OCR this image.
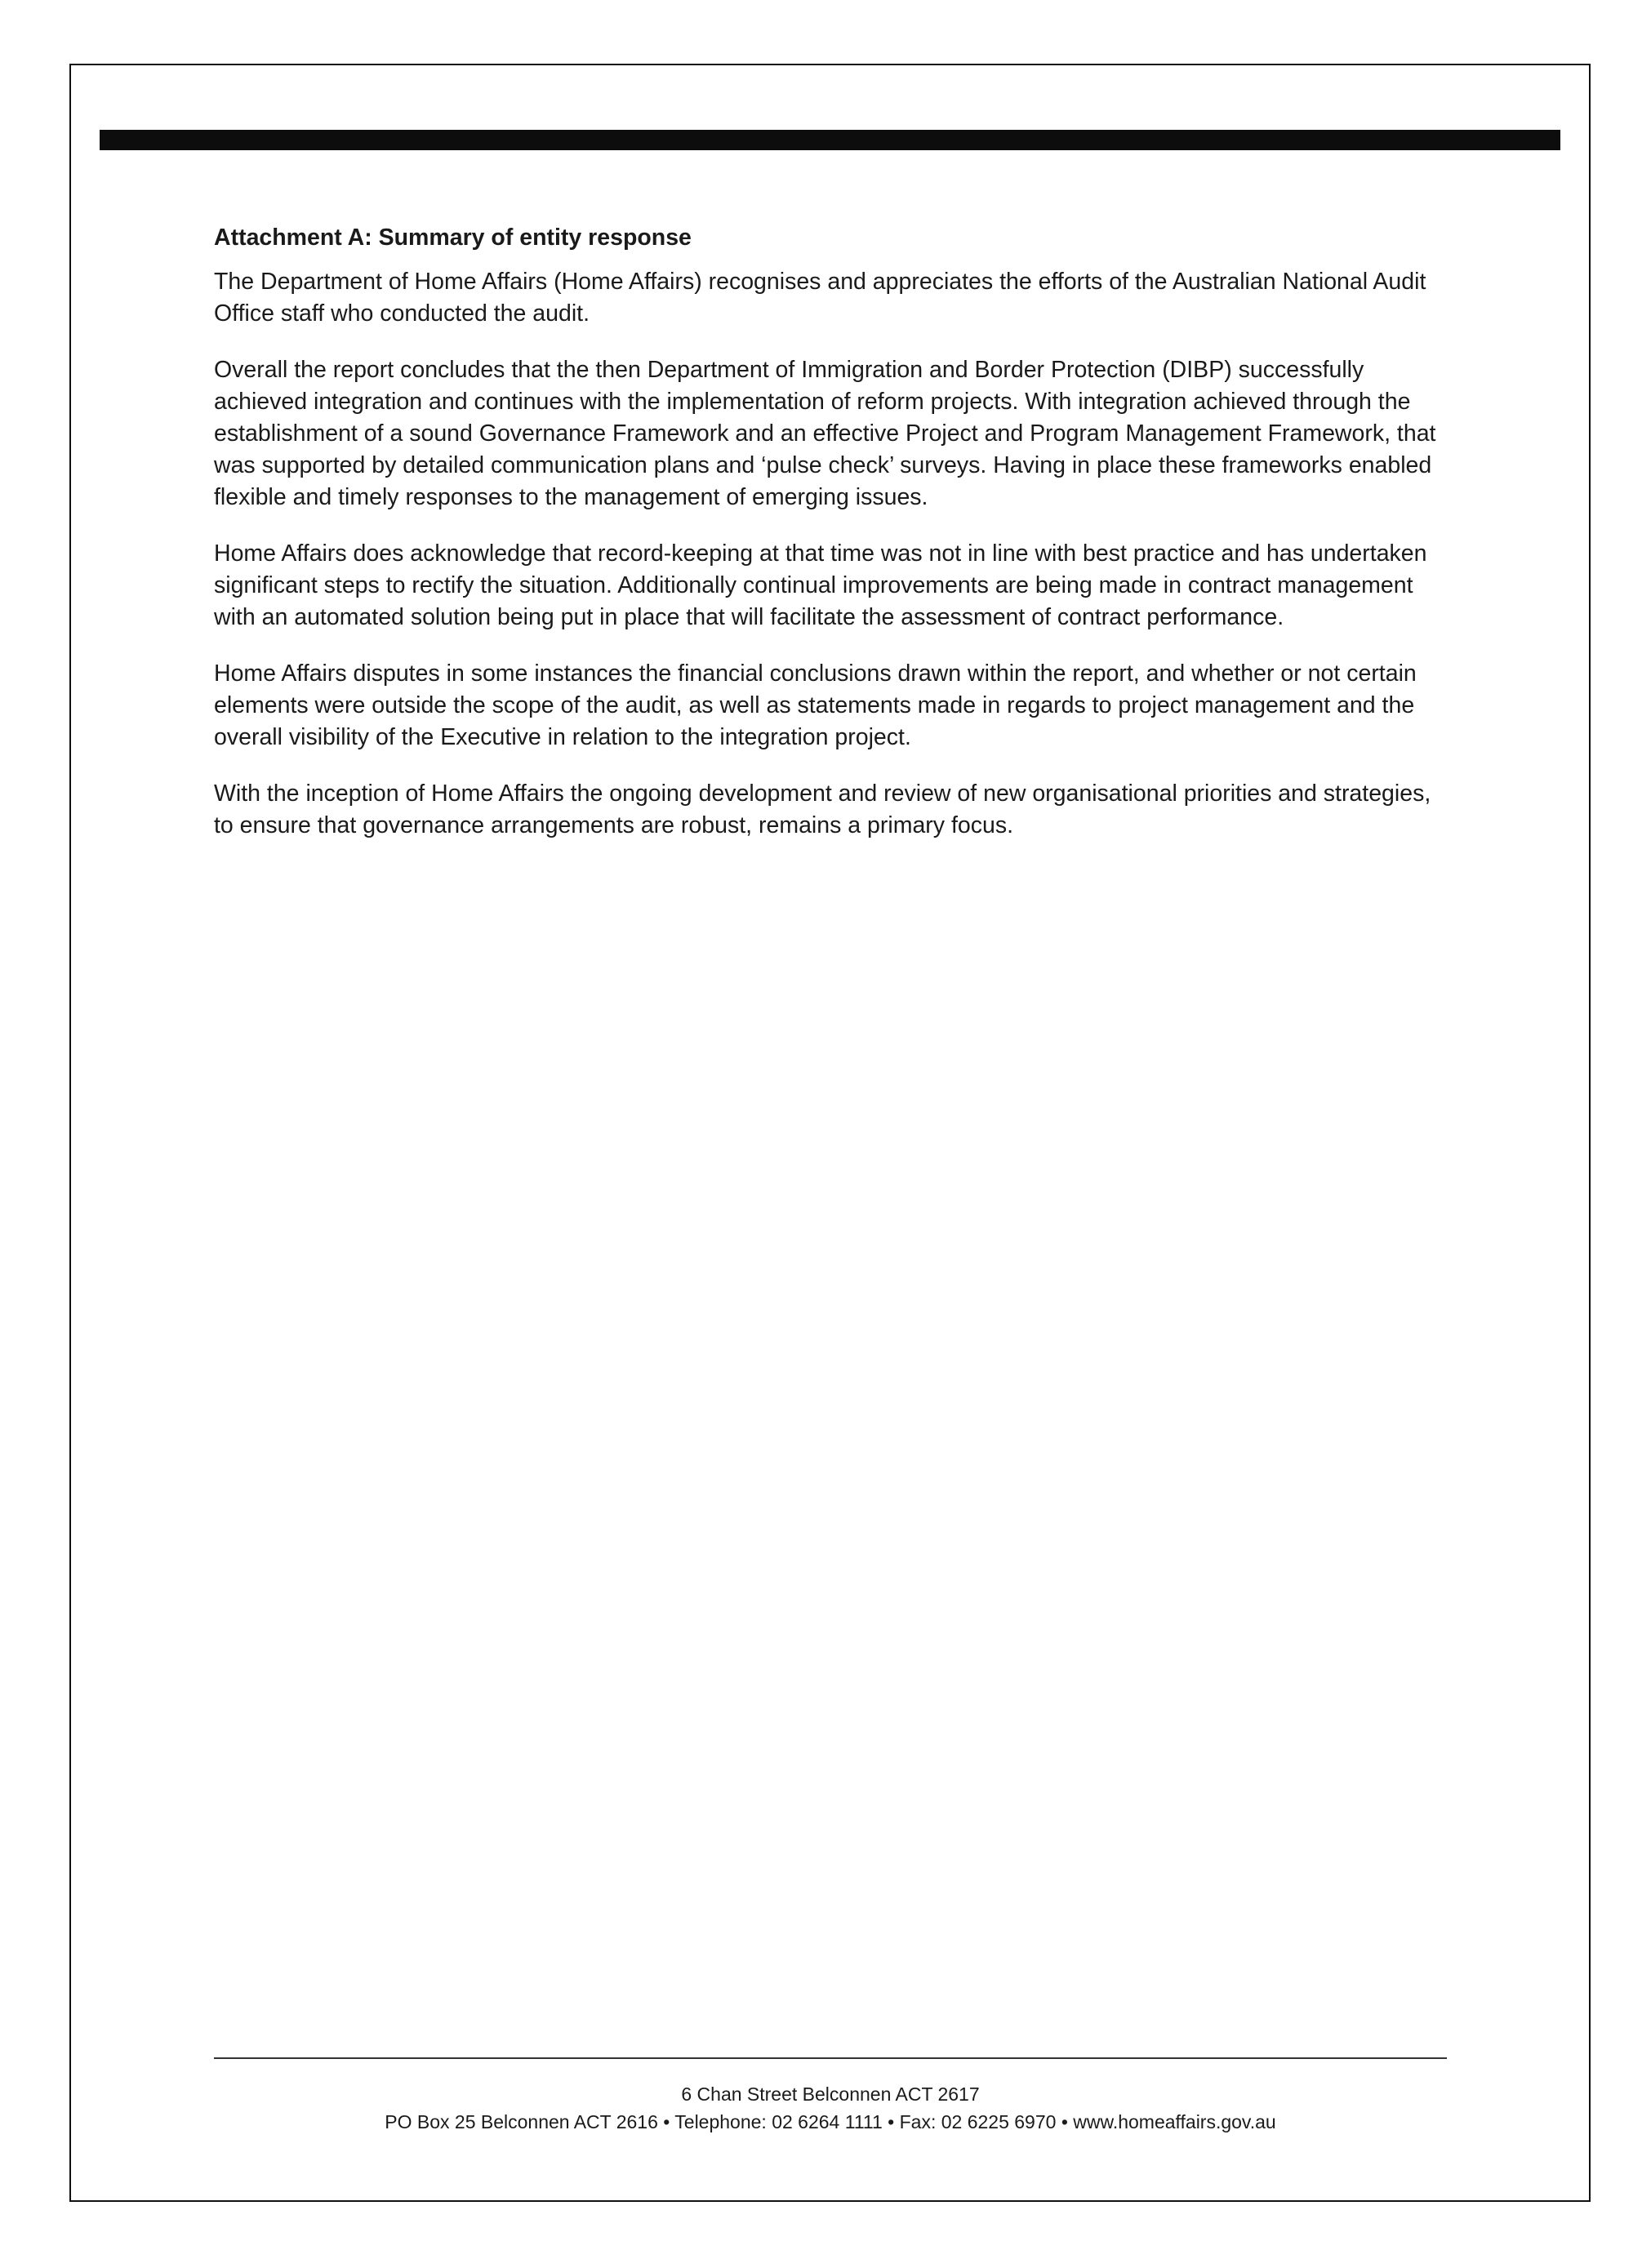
Attachment A: Summary of entity response

The Department of Home Affairs (Home Affairs) recognises and appreciates the efforts of the Australian National Audit Office staff who conducted the audit.

Overall the report concludes that the then Department of Immigration and Border Protection (DIBP) successfully achieved integration and continues with the implementation of reform projects. With integration achieved through the establishment of a sound Governance Framework and an effective Project and Program Management Framework, that was supported by detailed communication plans and ‘pulse check’ surveys. Having in place these frameworks enabled flexible and timely responses to the management of emerging issues.

Home Affairs does acknowledge that record-keeping at that time was not in line with best practice and has undertaken significant steps to rectify the situation. Additionally continual improvements are being made in contract management with an automated solution being put in place that will facilitate the assessment of contract performance.

Home Affairs disputes in some instances the financial conclusions drawn within the report, and whether or not certain elements were outside the scope of the audit, as well as statements made in regards to project management and the overall visibility of the Executive in relation to the integration project.

With the inception of Home Affairs the ongoing development and review of new organisational priorities and strategies, to ensure that governance arrangements are robust, remains a primary focus.

6 Chan Street Belconnen ACT 2617
PO Box 25 Belconnen ACT 2616 • Telephone: 02 6264 1111 • Fax: 02 6225 6970 • www.homeaffairs.gov.au
